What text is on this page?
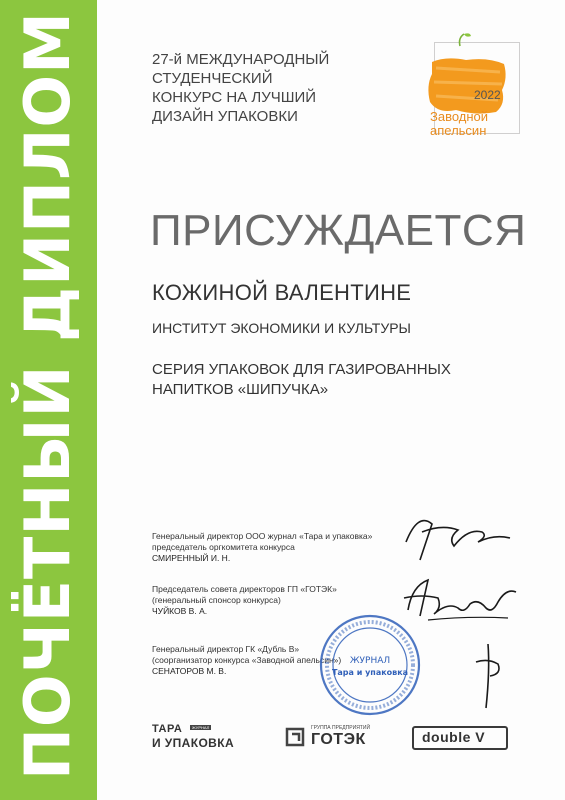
ПОЧЁТНЫЙ ДИПЛОМ	27-й МЕЖДУНАРОДНЫЙ
СТУДЕНЧЕСКИЙ
КОНКУРС НА ЛУЧШИЙ
ДИЗАЙН УПАКОВКИ
2022
Заводной
апельсин
ПРИСУЖДАЕТСЯ
КОЖИНОЙ ВАЛЕНТИНЕ
ИНСТИТУТ ЭКОНОМИКИ И КУЛЬТУРЫ
СЕРИЯ УПАКОВОК ДЛЯ ГАЗИРОВАННЫХ
НАПИТКОВ «ШИПУЧКА»
Генеральный директор ООО журнал «Тара и упаковка»
председатель оргкомитета конкурса
СМИРЕННЫЙ И. Н.
Председатель совета директоров ГП «ГОТЭК»
(генеральный спонсор конкурса)
ЧУЙКОВ В. А.
Генеральный директор ГК «Дубль В»
(соорганизатор конкурса «Заводной апельсин»)
СЕНАТОРОВ М. В.
ЖУРНАЛ
Тара и упаковка
ТАРА	ЖУРНАЛ
И УПАКОВКА
ГРУППА ПРЕДПРИЯТИЙ
ГОТЭК	double V
